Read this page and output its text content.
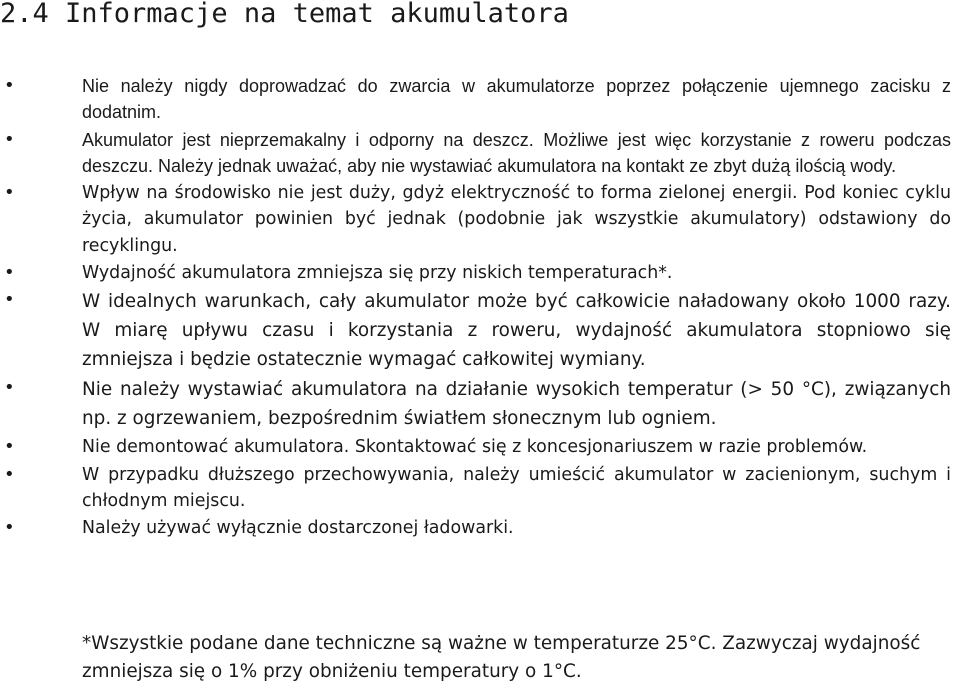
2.4 Informacje na temat akumulatora
•	Nie należy nigdy doprowadzać do zwarcia w akumulatorze poprzez połączenie ujemnego zacisku z dodatnim.
•	Akumulator jest nieprzemakalny i odporny na deszcz. Możliwe jest więc korzystanie z roweru podczas deszczu. Należy jednak uważać, aby nie wystawiać akumulatora na kontakt ze zbyt dużą ilością wody.
•	Wpływ na środowisko nie jest duży, gdyż elektryczność to forma zielonej energii. Pod koniec cyklu życia, akumulator powinien być jednak (podobnie jak wszystkie akumulatory) odstawiony do recyklingu.
•	Wydajność akumulatora zmniejsza się przy niskich temperaturach*.
•	W idealnych warunkach, cały akumulator może być całkowicie naładowany około 1000 razy. W miarę upływu czasu i korzystania z roweru, wydajność akumulatora stopniowo się zmniejsza i będzie ostatecznie wymagać całkowitej wymiany.
•	Nie należy wystawiać akumulatora na działanie wysokich temperatur (> 50 °C), związanych np. z ogrzewaniem, bezpośrednim światłem słonecznym lub ogniem.
•	Nie demontować akumulatora. Skontaktować się z koncesjonariuszem w razie problemów.
•	W przypadku dłuższego przechowywania, należy umieścić akumulator w zacienionym, suchym i chłodnym miejscu.
•	Należy używać wyłącznie dostarczonej ładowarki.

*Wszystkie podane dane techniczne są ważne w temperaturze 25°C. Zazwyczaj wydajność zmniejsza się o 1% przy obniżeniu temperatury o 1°C.
